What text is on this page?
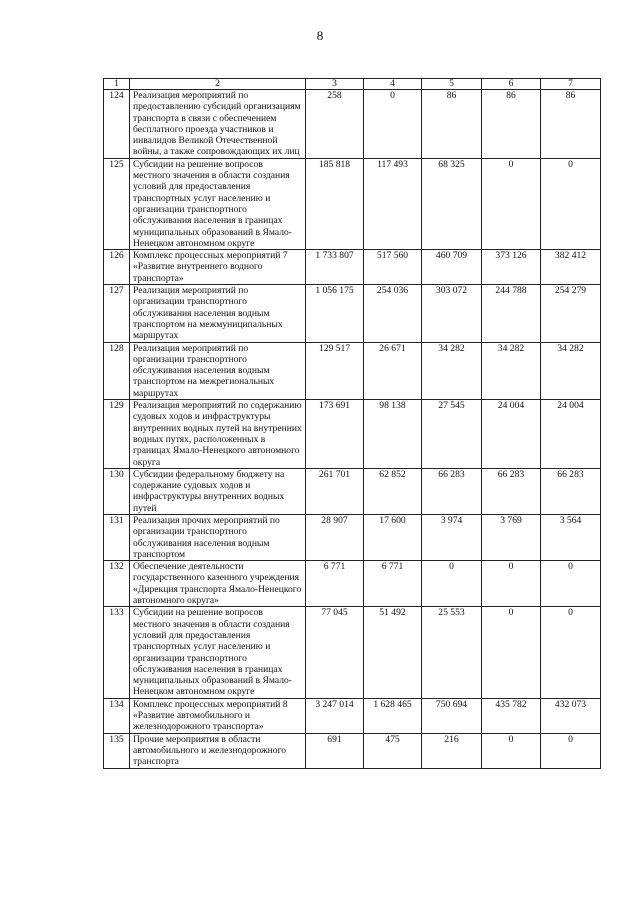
8
1	2	3	4	5	6	7
124	Реализация мероприятий по предоставлению субсидий организациям транспорта в связи с обеспечением бесплатного проезда участников и инвалидов Великой Отечественной войны, а также сопровождающих их лиц	258	0	86	86	86
125	Субсидии на решение вопросов местного значения в области создания условий для предоставления транспортных услуг населению и организации транспортного обслуживания населения в границах муниципальных образований в Ямало-Ненецком автономном округе	185 818	117 493	68 325	0	0
126	Комплекс процессных мероприятий 7 «Развитие внутреннего водного транспорта»	1 733 807	517 560	460 709	373 126	382 412
127	Реализация мероприятий по организации транспортного обслуживания населения водным транспортом на межмуниципальных маршрутах	1 056 175	254 036	303 072	244 788	254 279
128	Реализация мероприятий по организации транспортного обслуживания населения водным транспортом на межрегиональных маршрутах	129 517	26 671	34 282	34 282	34 282
129	Реализация мероприятий по содержанию судовых ходов и инфраструктуры внутренних водных путей на внутренних водных путях, расположенных в границах Ямало-Ненецкого автономного округа	173 691	98 138	27 545	24 004	24 004
130	Субсидии федеральному бюджету на содержание судовых ходов и инфраструктуры внутренних водных путей	261 701	62 852	66 283	66 283	66 283
131	Реализация прочих мероприятий по организации транспортного обслуживания населения водным транспортом	28 907	17 600	3 974	3 769	3 564
132	Обеспечение деятельности государственного казенного учреждения «Дирекция транспорта Ямало-Ненецкого автономного округа»	6 771	6 771	0	0	0
133	Субсидии на решение вопросов местного значения в области создания условий для предоставления транспортных услуг населению и организации транспортного обслуживания населения в границах муниципальных образований в Ямало-Ненецком автономном округе	77 045	51 492	25 553	0	0
134	Комплекс процессных мероприятий 8 «Развитие автомобильного и железнодорожного транспорта»	3 247 014	1 628 465	750 694	435 782	432 073
135	Прочие мероприятия в области автомобильного и железнодорожного транспорта	691	475	216	0	0
